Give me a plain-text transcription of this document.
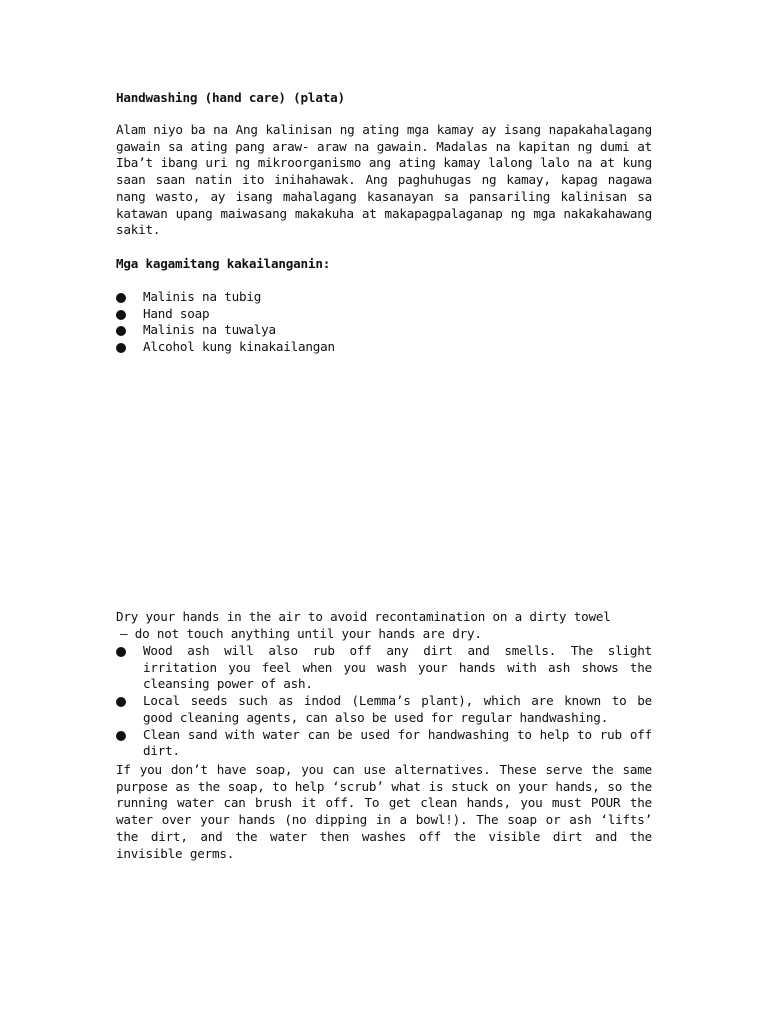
Handwashing (hand care) (plata)
Alam niyo ba na Ang kalinisan ng ating mga kamay ay isang napakahalagang gawain sa ating pang araw- araw na gawain. Madalas na kapitan ng dumi at Iba’t ibang uri ng mikroorganismo ang ating kamay lalong lalo na at kung saan saan natin ito inihahawak. Ang paghuhugas ng kamay, kapag nagawa nang wasto, ay isang mahalagang kasanayan sa pansariling kalinisan sa katawan upang maiwasang makakuha at makapagpalaganap ng mga nakakahawang sakit.
Mga kagamitang kakailanganin:
Malinis na tubig
Hand soap
Malinis na tuwalya
Alcohol kung kinakailangan
Dry your hands in the air to avoid recontamination on a dirty towel
– do not touch anything until your hands are dry.
Wood ash will also rub off any dirt and smells. The slight irritation you feel when you wash your hands with ash shows the cleansing power of ash.
Local seeds such as indod (Lemma’s plant), which are known to be good cleaning agents, can also be used for regular handwashing.
Clean sand with water can be used for handwashing to help to rub off dirt.
If you don’t have soap, you can use alternatives. These serve the same purpose as the soap, to help ‘scrub’ what is stuck on your hands, so the running water can brush it off. To get clean hands, you must POUR the water over your hands (no dipping in a bowl!). The soap or ash ‘lifts’ the dirt, and the water then washes off the visible dirt and the invisible germs.
